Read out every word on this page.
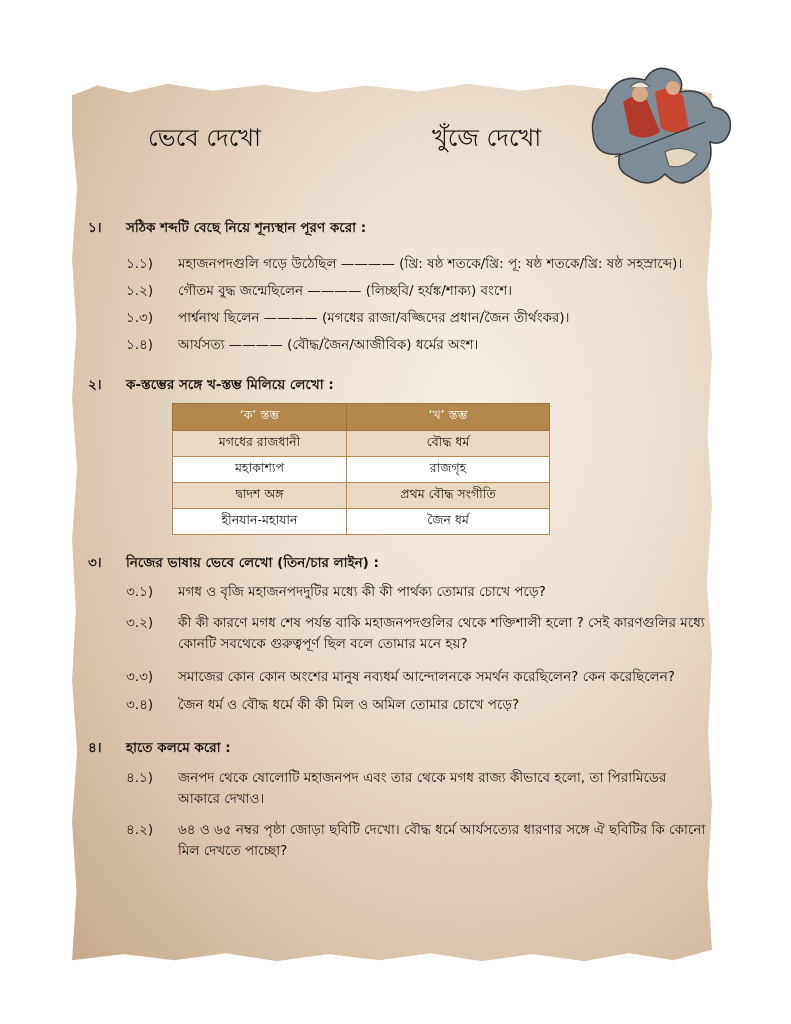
ভেবে দেখো	খুঁজে দেখো
১। সঠিক শব্দটি বেছে নিয়ে শূন্যস্থান পূরণ করো :
১.১) মহাজনপদগুলি গড়ে উঠেছিল ———— (খ্রি: ষষ্ঠ শতকে/খ্রি: পূ: ষষ্ঠ শতকে/খ্রি: ষষ্ঠ সহস্রাব্দে)।
১.২) গৌতম বুদ্ধ জন্মেছিলেন ———— (লিচ্ছবি/ হর্যঙ্ক/শাক্য) বংশে।
১.৩) পার্শ্বনাথ ছিলেন ———— (মগধের রাজা/বজ্জিদের প্রধান/জৈন তীর্থংকর)।
১.৪) আর্যসত্য ———— (বৌদ্ধ/জৈন/আজীবিক) ধর্মের অংশ।
২। ক-স্তম্ভের সঙ্গে খ-স্তম্ভ মিলিয়ে লেখো :
‘ক’ স্তম্ভ	‘খ’ স্তম্ভ
মগধের রাজধানী	বৌদ্ধ ধর্ম
মহাকাশ্যপ	রাজগৃহ
দ্বাদশ অঙ্গ	প্রথম বৌদ্ধ সংগীতি
হীনযান-মহাযান	জৈন ধর্ম
৩। নিজের ভাষায় ভেবে লেখো (তিন/চার লাইন) :
৩.১) মগধ ও বৃজি মহাজনপদদুটির মধ্যে কী কী পার্থক্য তোমার চোখে পড়ে?
৩.২) কী কী কারণে মগধ শেষ পর্যন্ত বাকি মহাজনপদগুলির থেকে শক্তিশালী হলো ? সেই কারণগুলির মধ্যে কোনটি সবথেকে গুরুত্বপূর্ণ ছিল বলে তোমার মনে হয়?
৩.৩) সমাজের কোন কোন অংশের মানুষ নব্যধর্ম আন্দোলনকে সমর্থন করেছিলেন? কেন করেছিলেন?
৩.৪) জৈন ধর্ম ও বৌদ্ধ ধর্মে কী কী মিল ও অমিল তোমার চোখে পড়ে?
৪। হাতে কলমে করো :
৪.১) জনপদ থেকে ষোলোটি মহাজনপদ এবং তার থেকে মগধ রাজ্য কীভাবে হলো, তা পিরামিডের আকারে দেখাও।
৪.২) ৬৪ ও ৬৫ নম্বর পৃষ্ঠা জোড়া ছবিটি দেখো। বৌদ্ধ ধর্মে আর্যসত্যের ধারণার সঙ্গে ঐ ছবিটির কি কোনো মিল দেখতে পাচ্ছো?
